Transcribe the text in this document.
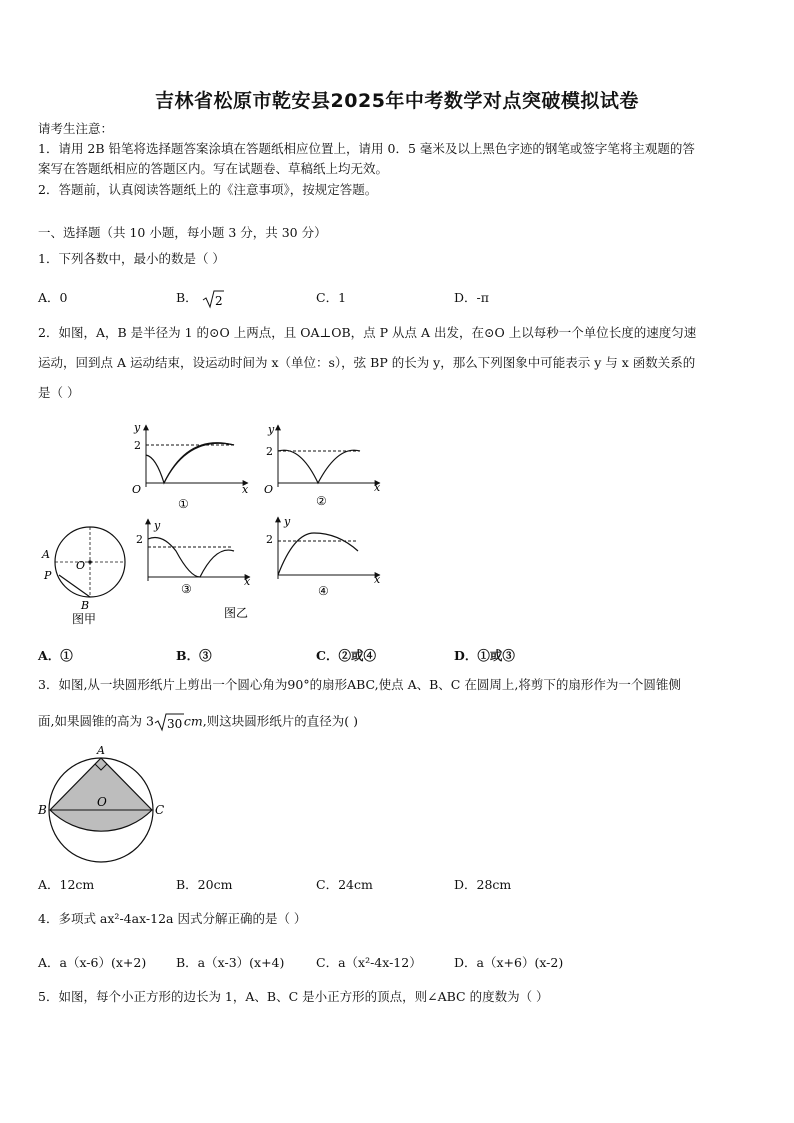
吉林省松原市乾安县2025年中考数学对点突破模拟试卷
请考生注意：
1．请用 2B 铅笔将选择题答案涂填在答题纸相应位置上，请用 0．5 毫米及以上黑色字迹的钢笔或签字笔将主观题的答
案写在答题纸相应的答题区内。写在试题卷、草稿纸上均无效。
2．答题前，认真阅读答题纸上的《注意事项》，按规定答题。
一、选择题（共 10 小题，每小题 3 分，共 30 分）
1．下列各数中，最小的数是（ ）
A．0	B． 2	C．1	D．-π
2．如图，A，B 是半径为 1 的⊙O 上两点，且 OA⊥OB，点 P 从点 A 出发，在⊙O 上以每秒一个单位长度的速度匀速
运动，回到点 A 运动结束，设运动时间为 x（单位：s），弦 BP 的长为 y，那么下列图象中可能表示 y 与 x 函数关系的
是（ ）
y
2
O	x
①
y
2
O	x
②
A
P
O
B
图甲
y
2
x
③
图乙
y
2
x
④
A．①	B．③	C．②或④	D．①或③
3．如图,从一块圆形纸片上剪出一个圆心角为90°的扇形ABC,使点 A、B、C 在圆周上,将剪下的扇形作为一个圆锥侧
面,如果圆锥的高为 3 30 cm,则这块圆形纸片的直径为( )
A
B	C
O
A．12cm	B．20cm	C．24cm	D．28cm
4．多项式 ax²-4ax-12a 因式分解正确的是（ ）
A．a（x-6）(x+2) B．a（x-3）(x+4)	C．a（x²-4x-12）	D．a（x+6）(x-2)
5．如图，每个小正方形的边长为 1，A、B、C 是小正方形的顶点，则∠ABC 的度数为（ ）
